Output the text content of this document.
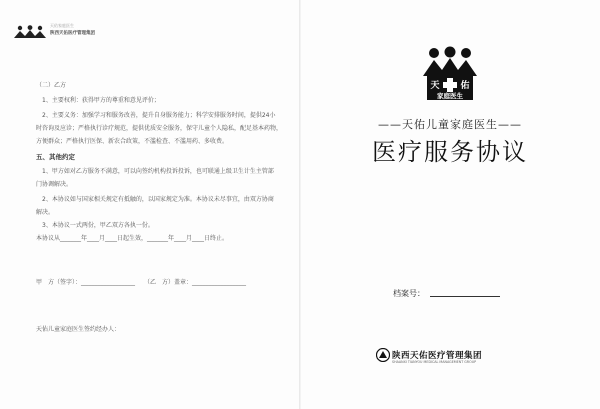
天佑家庭医生
陕西天佑医疗管理集团
（二）乙方
1、主要权利：获得甲方的尊重和意见评价；
2、主要义务：加强学习和服务改善，提升自身服务能力；科学安排服务时间，提供24小
时咨询及应诊；严格执行诊疗规范，提供优质安全服务，保守儿童个人隐私，配足基本药物，
方便群众；严格执行医保、新农合政策，不滥检查、不滥用药、多收费。
五、其他约定
1、甲方如对乙方服务不满意，可以向签约机构投诉投诉，也可联通上级卫生计生主管部
门协调解决。
2、本协议如与国家相关规定有抵触的，以国家规定为准。本协议未尽事宜，由双方协商
解决。
3、本协议一式两份，甲乙双方各执一份。
本协议从_______年____月____日起生效，_______年____月____日终止。
甲　方（签字）：__________________　　（乙　方）盖章：__________________
天佑儿童家庭医生签约经办人：
天 佑
家庭医生
——天佑儿童家庭医生——
医疗服务协议
档案号：
陕西天佑医疗管理集团
SHAANXI TIANYOU MEDICAL MANAGEMENT GROUP
